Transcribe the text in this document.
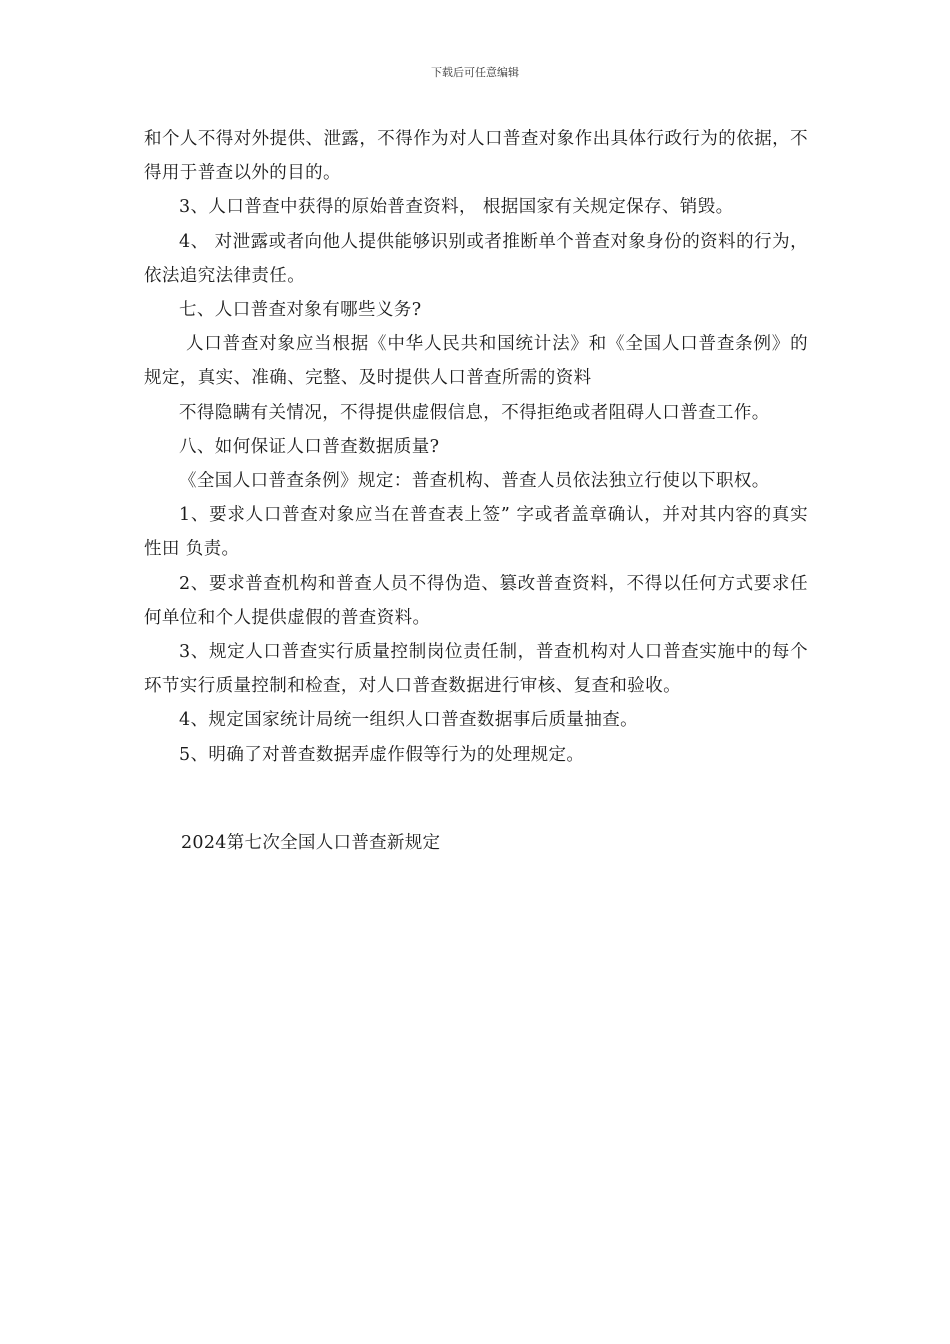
下载后可任意编辑

和个人不得对外提供、泄露，不得作为对人口普查对象作出具体行政行为的依据，不得用于普查以外的目的。

3、人口普查中获得的原始普查资料， 根据国家有关规定保存、销毁。

4、 对泄露或者向他人提供能够识别或者推断单个普查对象身份的资料的行为，依法追究法律责任。

七、人口普查对象有哪些义务?

人口普查对象应当根据《中华人民共和国统计法》和《全国人口普查条例》的规定，真实、准确、完整、及时提供人口普查所需的资料

不得隐瞒有关情况，不得提供虚假信息，不得拒绝或者阻碍人口普查工作。

八、如何保证人口普查数据质量?

《全国人口普查条例》规定：普查机构、普查人员依法独立行使以下职权。

1、要求人口普查对象应当在普查表上签” 字或者盖章确认，并对其内容的真实性田 负责。

2、要求普查机构和普查人员不得伪造、篡改普查资料，不得以任何方式要求任何单位和个人提供虚假的普查资料。

3、规定人口普查实行质量控制岗位责任制，普查机构对人口普查实施中的每个环节实行质量控制和检查，对人口普查数据进行审核、复查和验收。

4、规定国家统计局统一组织人口普查数据事后质量抽查。

5、明确了对普查数据弄虚作假等行为的处理规定。

2024第七次全国人口普查新规定
